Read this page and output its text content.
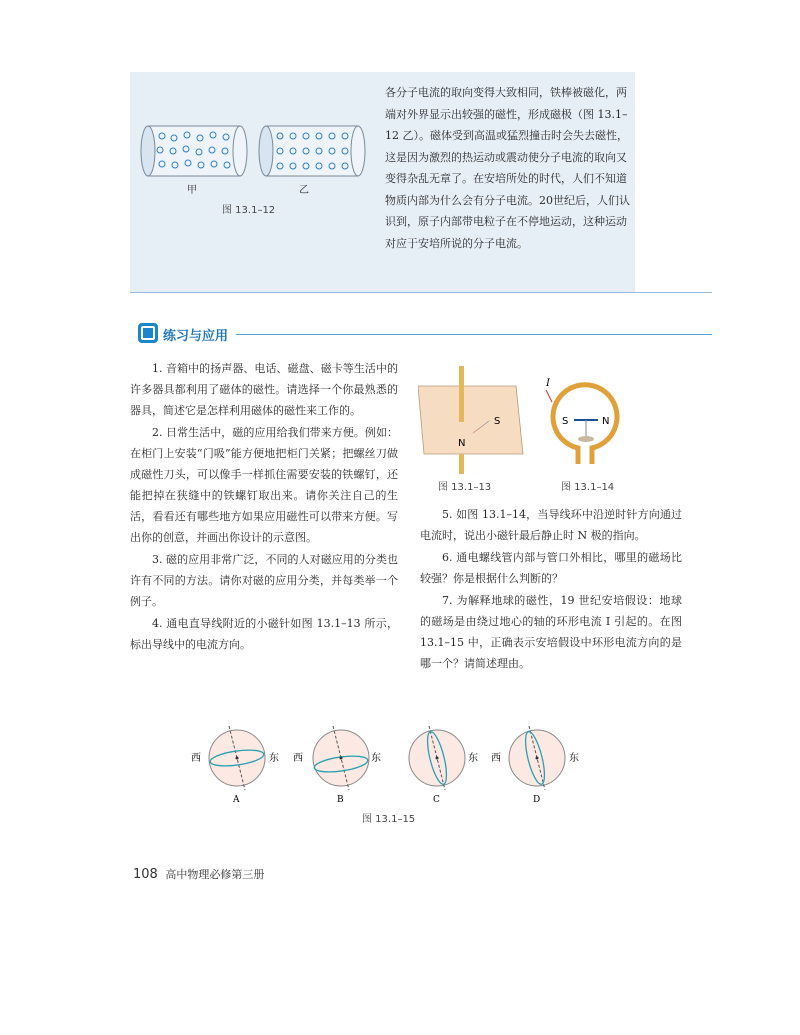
甲	乙
图 13.1–12
各分子电流的取向变得大致相同，铁棒被磁化，两端对外界显示出较强的磁性，形成磁极（图 13.1–12 乙）。磁体受到高温或猛烈撞击时会失去磁性，这是因为激烈的热运动或震动使分子电流的取向又变得杂乱无章了。在安培所处的时代，人们不知道物质内部为什么会有分子电流。20世纪后，人们认识到，原子内部带电粒子在不停地运动，这种运动对应于安培所说的分子电流。
练习与应用

1. 音箱中的扬声器、电话、磁盘、磁卡等生活中的许多器具都利用了磁体的磁性。请选择一个你最熟悉的器具，简述它是怎样利用磁体的磁性来工作的。

2. 日常生活中，磁的应用给我们带来方便。例如：在柜门上安装“门吸”能方便地把柜门关紧；把螺丝刀做成磁性刀头，可以像手一样抓住需要安装的铁螺钉，还能把掉在狭缝中的铁螺钉取出来。请你关注自己的生活，看看还有哪些地方如果应用磁性可以带来方便。写出你的创意，并画出你设计的示意图。

3. 磁的应用非常广泛，不同的人对磁应用的分类也许有不同的方法。请你对磁的应用分类，并每类举一个例子。

4. 通电直导线附近的小磁针如图 13.1–13 所示，标出导线中的电流方向。

S
N
图 13.1–13
I
S	N
图 13.1–14

5. 如图 13.1–14，当导线环中沿逆时针方向通过电流时，说出小磁针最后静止时 N 极的指向。

6. 通电螺线管内部与管口外相比，哪里的磁场比较强？你是根据什么判断的？

7. 为解释地球的磁性，19 世纪安培假设：地球的磁场是由绕过地心的轴的环形电流 I 引起的。在图 13.1–15 中，正确表示安培假设中环形电流方向的是哪一个？请简述理由。

西	东
A
西	东
B
东
C
西	东
D
图 13.1–15
108 高中物理必修第三册
